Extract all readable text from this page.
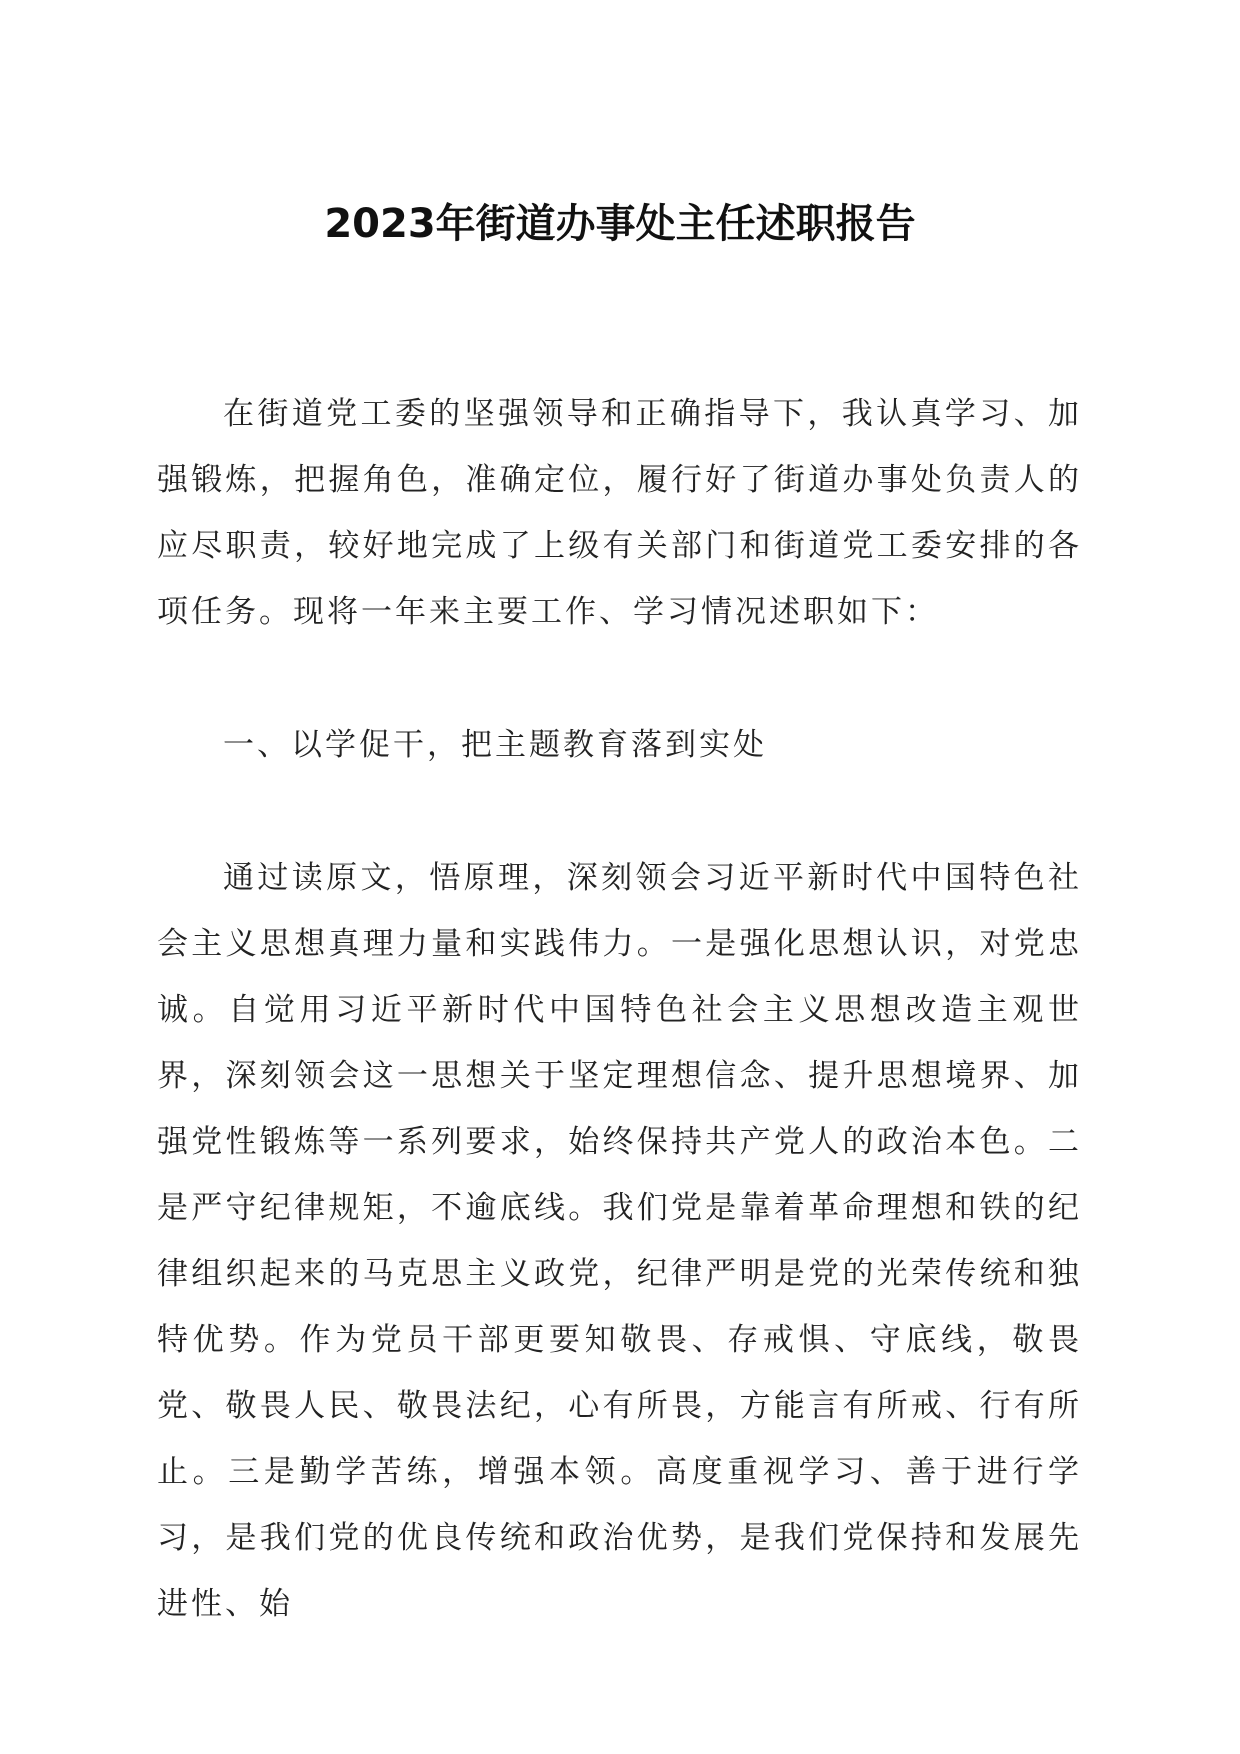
2023年街道办事处主任述职报告

在街道党工委的坚强领导和正确指导下，我认真学习、加强锻炼，把握角色，准确定位，履行好了街道办事处负责人的应尽职责，较好地完成了上级有关部门和街道党工委安排的各项任务。现将一年来主要工作、学习情况述职如下：

一、以学促干，把主题教育落到实处

通过读原文，悟原理，深刻领会习近平新时代中国特色社会主义思想真理力量和实践伟力。一是强化思想认识，对党忠诚。自觉用习近平新时代中国特色社会主义思想改造主观世界，深刻领会这一思想关于坚定理想信念、提升思想境界、加强党性锻炼等一系列要求，始终保持共产党人的政治本色。二是严守纪律规矩，不逾底线。我们党是靠着革命理想和铁的纪律组织起来的马克思主义政党，纪律严明是党的光荣传统和独特优势。作为党员干部更要知敬畏、存戒惧、守底线，敬畏党、敬畏人民、敬畏法纪，心有所畏，方能言有所戒、行有所止。三是勤学苦练，增强本领。高度重视学习、善于进行学习，是我们党的优良传统和政治优势，是我们党保持和发展先进性、始
